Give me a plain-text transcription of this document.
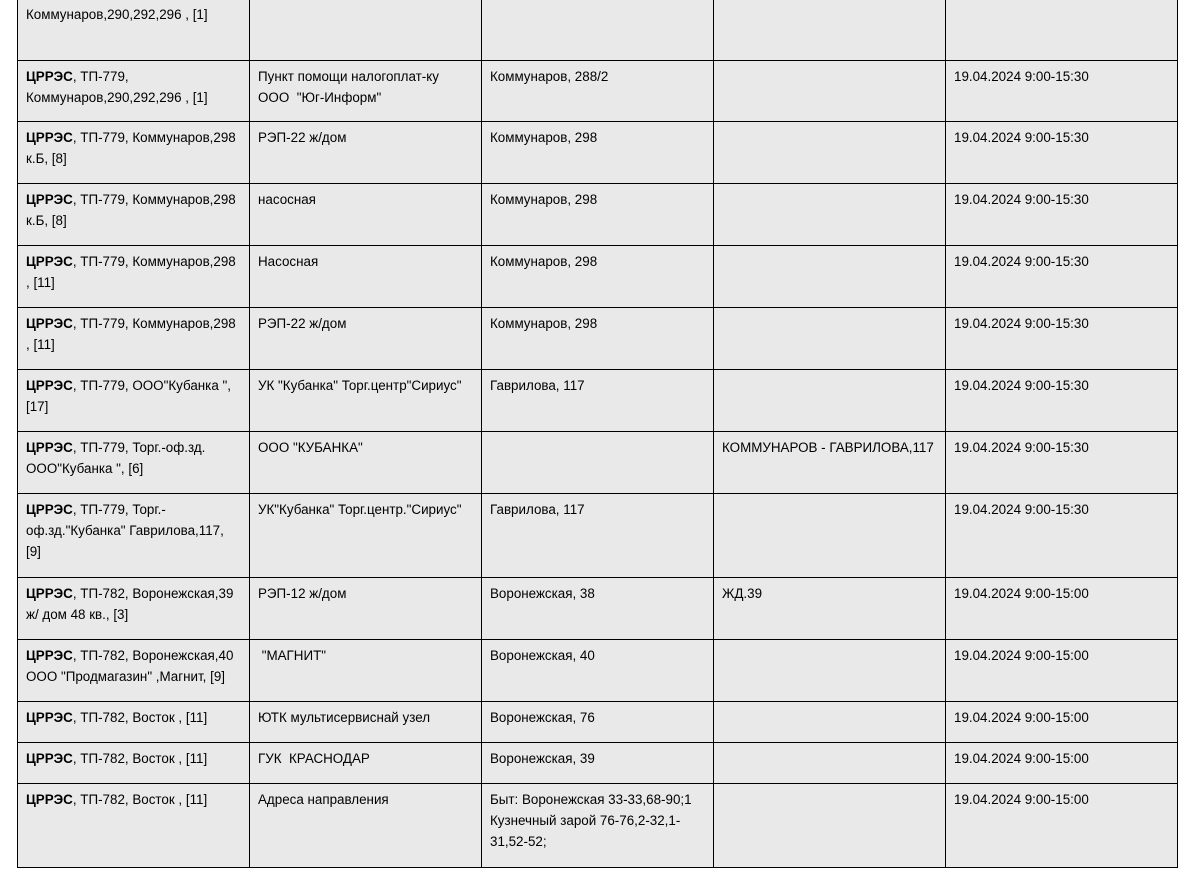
Коммунаров,290,292,296 , [1]				
ЦРРЭС, ТП-779, Коммунаров,290,292,296 , [1]	Пункт помощи налогоплат-ку ООО  "Юг-Информ"	Коммунаров, 288/2		19.04.2024 9:00-15:30
ЦРРЭС, ТП-779, Коммунаров,298 к.Б, [8]	РЭП-22 ж/дом	Коммунаров, 298		19.04.2024 9:00-15:30
ЦРРЭС, ТП-779, Коммунаров,298 к.Б, [8]	насосная	Коммунаров, 298		19.04.2024 9:00-15:30
ЦРРЭС, ТП-779, Коммунаров,298 , [11]	Насосная	Коммунаров, 298		19.04.2024 9:00-15:30
ЦРРЭС, ТП-779, Коммунаров,298 , [11]	РЭП-22 ж/дом	Коммунаров, 298		19.04.2024 9:00-15:30
ЦРРЭС, ТП-779, ООО"Кубанка ", [17]	УК "Кубанка" Торг.центр"Сириус"	Гаврилова, 117		19.04.2024 9:00-15:30
ЦРРЭС, ТП-779, Торг.-оф.зд. ООО"Кубанка ", [6]	ООО "КУБАНКА"		КОММУНАРОВ - ГАВРИЛОВА,117	19.04.2024 9:00-15:30
ЦРРЭС, ТП-779, Торг.-оф.зд."Кубанка" Гаврилова,117, [9]	УК"Кубанка" Торг.центр."Сириус"	Гаврилова, 117		19.04.2024 9:00-15:30
ЦРРЭС, ТП-782, Воронежская,39 ж/ дом 48 кв., [3]	РЭП-12 ж/дом	Воронежская, 38	ЖД.39	19.04.2024 9:00-15:00
ЦРРЭС, ТП-782, Воронежская,40 ООО "Продмагазин" ,Магнит, [9]	"МАГНИТ"	Воронежская, 40		19.04.2024 9:00-15:00
ЦРРЭС, ТП-782, Восток , [11]	ЮТК мультисервиснай узел	Воронежская, 76		19.04.2024 9:00-15:00
ЦРРЭС, ТП-782, Восток , [11]	ГУК  КРАСНОДАР	Воронежская, 39		19.04.2024 9:00-15:00
ЦРРЭС, ТП-782, Восток , [11]	Адреса направления	Быт: Воронежская 33-33,68-90;1 Кузнечный зарой 76-76,2-32,1-31,52-52;		19.04.2024 9:00-15:00
